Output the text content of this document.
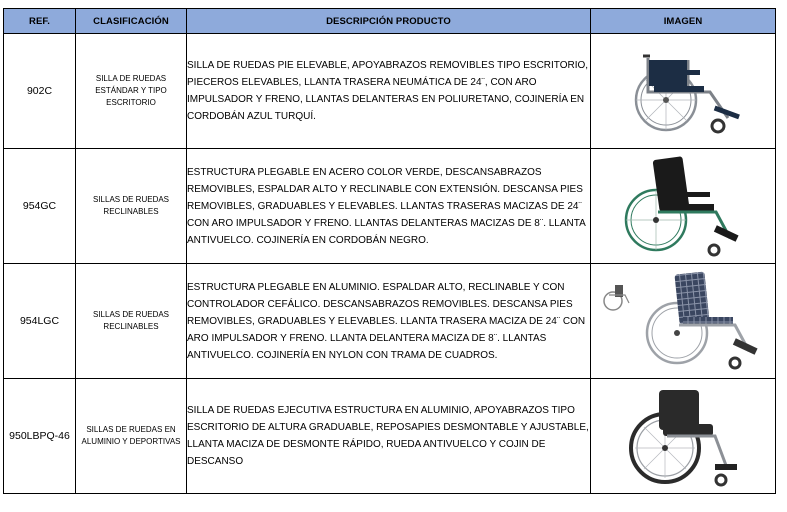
REF.	CLASIFICACIÓN	DESCRIPCIÓN PRODUCTO	IMAGEN
902C	SILLA DE RUEDAS ESTÁNDAR Y TIPO ESCRITORIO	SILLA DE RUEDAS PIE ELEVABLE, APOYABRAZOS REMOVIBLES TIPO ESCRITORIO, PIECEROS ELEVABLES, LLANTA TRASERA NEUMÁTICA DE 24¨, CON ARO IMPULSADOR Y FRENO, LLANTAS DELANTERAS EN POLIURETANO, COJINERÍA EN CORDOBÁN AZUL TURQUÍ.	

954GC	SILLAS DE RUEDAS RECLINABLES	ESTRUCTURA PLEGABLE EN ACERO COLOR VERDE, DESCANSABRAZOS REMOVIBLES, ESPALDAR ALTO Y RECLINABLE CON EXTENSIÓN. DESCANSA PIES REMOVIBLES, GRADUABLES Y ELEVABLES. LLANTAS TRASERAS MACIZAS DE 24¨ CON ARO IMPULSADOR Y FRENO. LLANTAS DELANTERAS MACIZAS DE 8¨. LLANTA ANTIVUELCO. COJINERÍA EN CORDOBÁN NEGRO.	

954LGC	SILLAS DE RUEDAS RECLINABLES	ESTRUCTURA PLEGABLE EN ALUMINIO. ESPALDAR ALTO, RECLINABLE Y CON CONTROLADOR CEFÁLICO. DESCANSABRAZOS REMOVIBLES. DESCANSA PIES REMOVIBLES, GRADUABLES Y ELEVABLES. LLANTA TRASERA MACIZA DE 24¨ CON ARO IMPULSADOR Y FRENO. LLANTA DELANTERA MACIZA DE 8¨. LLANTAS ANTIVUELCO. COJINERÍA EN NYLON CON TRAMA DE CUADROS.	

950LBPQ-46	SILLAS DE RUEDAS EN ALUMINIO Y DEPORTIVAS	SILLA DE RUEDAS EJECUTIVA ESTRUCTURA EN ALUMINIO, APOYABRAZOS TIPO ESCRITORIO DE ALTURA GRADUABLE, REPOSAPIES DESMONTABLE Y AJUSTABLE, LLANTA MACIZA DE DESMONTE RÁPIDO, RUEDA ANTIVUELCO Y COJIN DE DESCANSO	
